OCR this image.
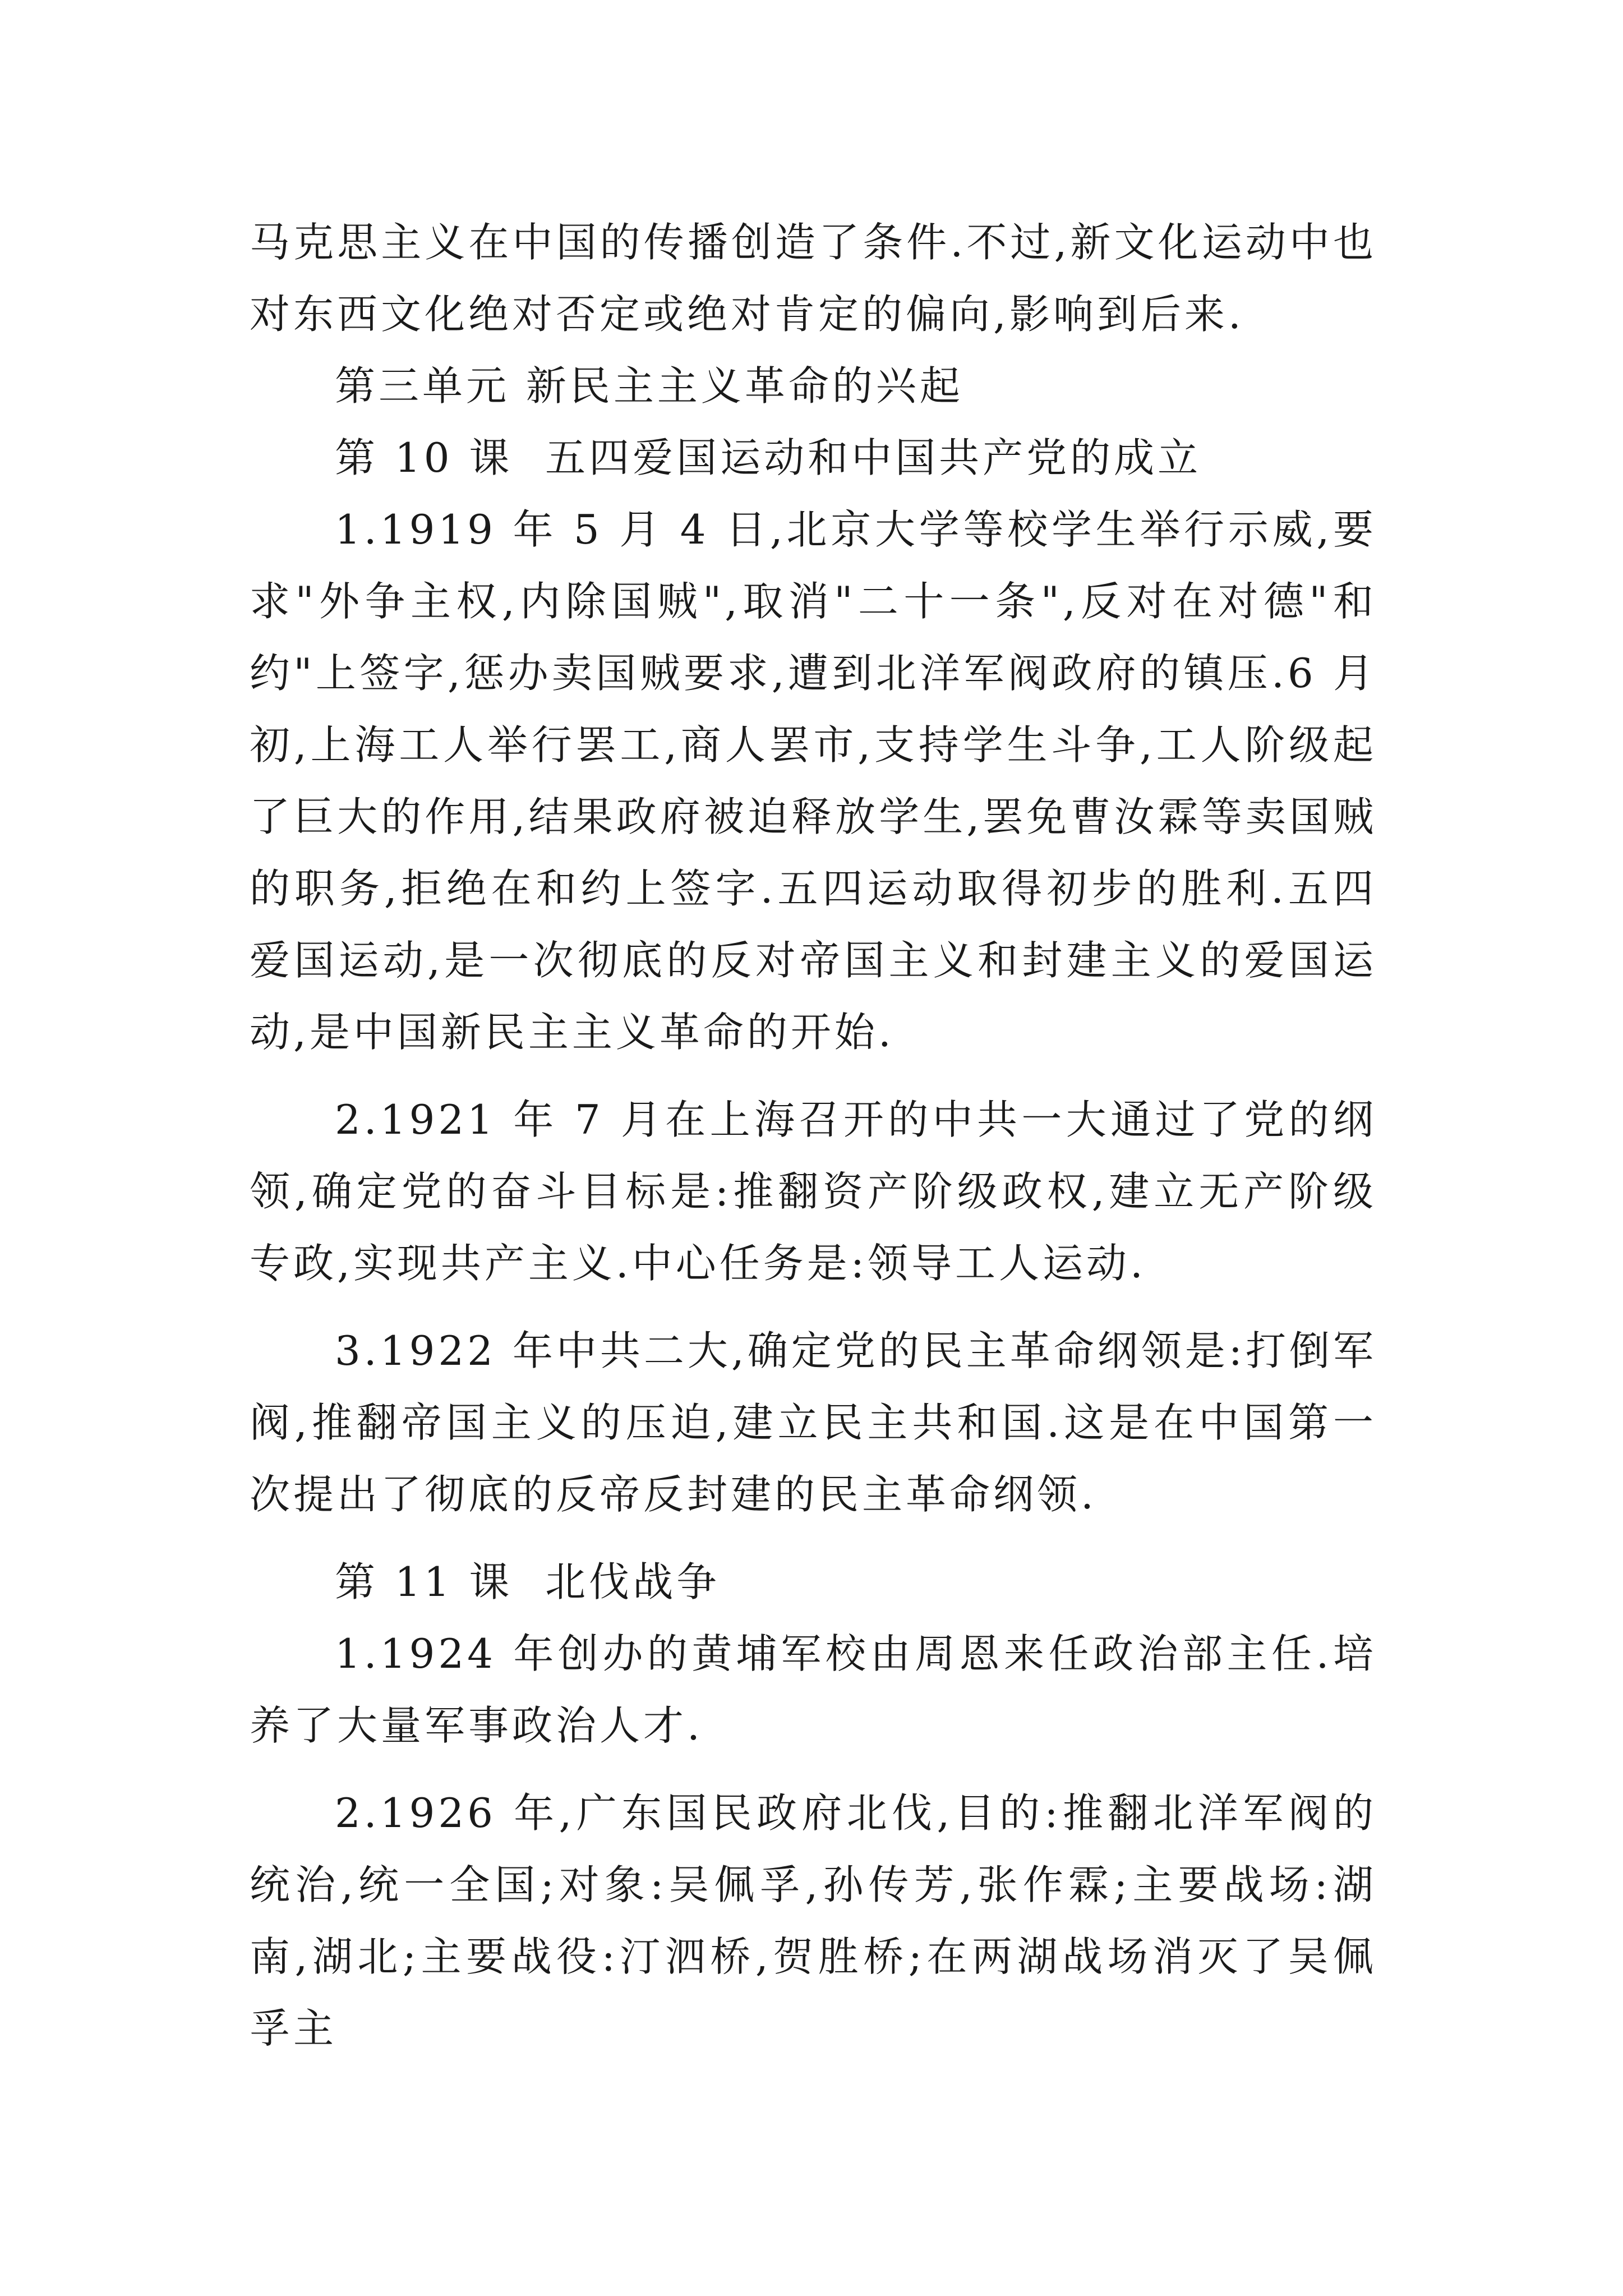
马克思主义在中国的传播创造了条件.不过,新文化运动中也对东西文化绝对否定或绝对肯定的偏向,影响到后来.

第三单元 新民主主义革命的兴起

第 10 课  五四爱国运动和中国共产党的成立

1.1919 年 5 月 4 日,北京大学等校学生举行示威,要求"外争主权,内除国贼",取消"二十一条",反对在对德"和约"上签字,惩办卖国贼要求,遭到北洋军阀政府的镇压.6 月初,上海工人举行罢工,商人罢市,支持学生斗争,工人阶级起了巨大的作用,结果政府被迫释放学生,罢免曹汝霖等卖国贼的职务,拒绝在和约上签字.五四运动取得初步的胜利.五四爱国运动,是一次彻底的反对帝国主义和封建主义的爱国运动,是中国新民主主义革命的开始.

2.1921 年 7 月在上海召开的中共一大通过了党的纲领,确定党的奋斗目标是:推翻资产阶级政权,建立无产阶级专政,实现共产主义.中心任务是:领导工人运动.

3.1922 年中共二大,确定党的民主革命纲领是:打倒军阀,推翻帝国主义的压迫,建立民主共和国.这是在中国第一次提出了彻底的反帝反封建的民主革命纲领.

第 11 课  北伐战争

1.1924 年创办的黄埔军校由周恩来任政治部主任.培养了大量军事政治人才.

2.1926 年,广东国民政府北伐,目的:推翻北洋军阀的统治,统一全国;对象:吴佩孚,孙传芳,张作霖;主要战场:湖南,湖北;主要战役:汀泗桥,贺胜桥;在两湖战场消灭了吴佩孚主
